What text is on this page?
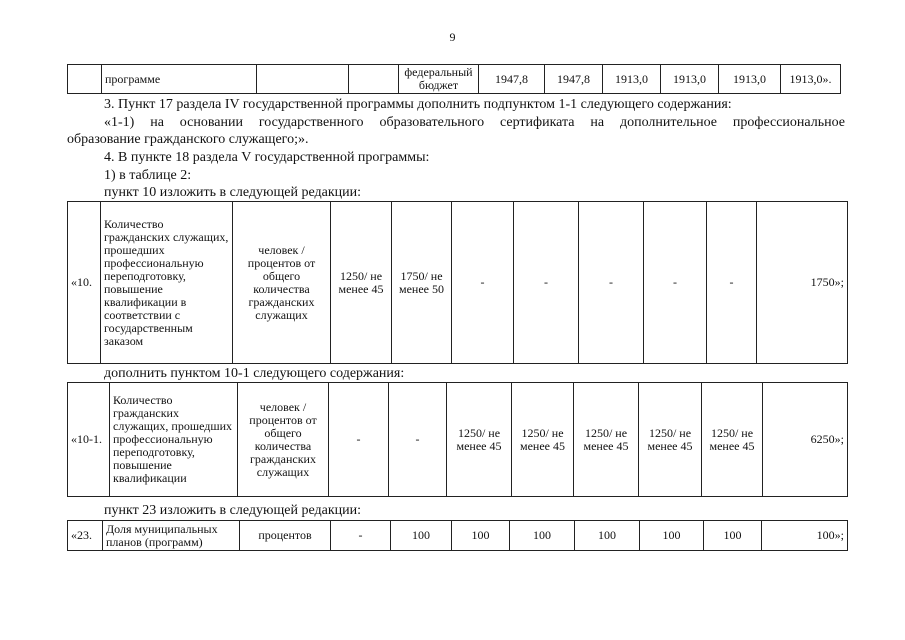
9
	программе			федеральный бюджет	1947,8	1947,8	1913,0	1913,0	1913,0	1913,0».
3. Пункт 17 раздела IV государственной программы дополнить подпунктом 1-1 следующего содержания:
«1-1) на основании государственного образовательного сертификата на дополнительное профессиональное
образование гражданского служащего;».
4. В пункте 18 раздела V государственной программы:
1) в таблице 2:
пункт 10 изложить в следующей редакции:
«10.	Количество гражданских служащих, прошедших профессиональную переподготовку, повышение квалификации в соответствии с государственным заказом	человек / процентов от общего количества гражданских служащих	1250/ не менее 45	1750/ не менее 50	-	-	-	-	-	1750»;
дополнить пунктом 10-1 следующего содержания:
«10-1.	Количество гражданских служащих, прошедших профессиональную переподготовку, повышение квалификации	человек / процентов от общего количества гражданских служащих	-	-	1250/ не менее 45	1250/ не менее 45	1250/ не менее 45	1250/ не менее 45	1250/ не менее 45	6250»;
пункт 23 изложить в следующей редакции:
«23.	Доля муниципальных планов (программ)	процентов	-	100	100	100	100	100	100	100»;
